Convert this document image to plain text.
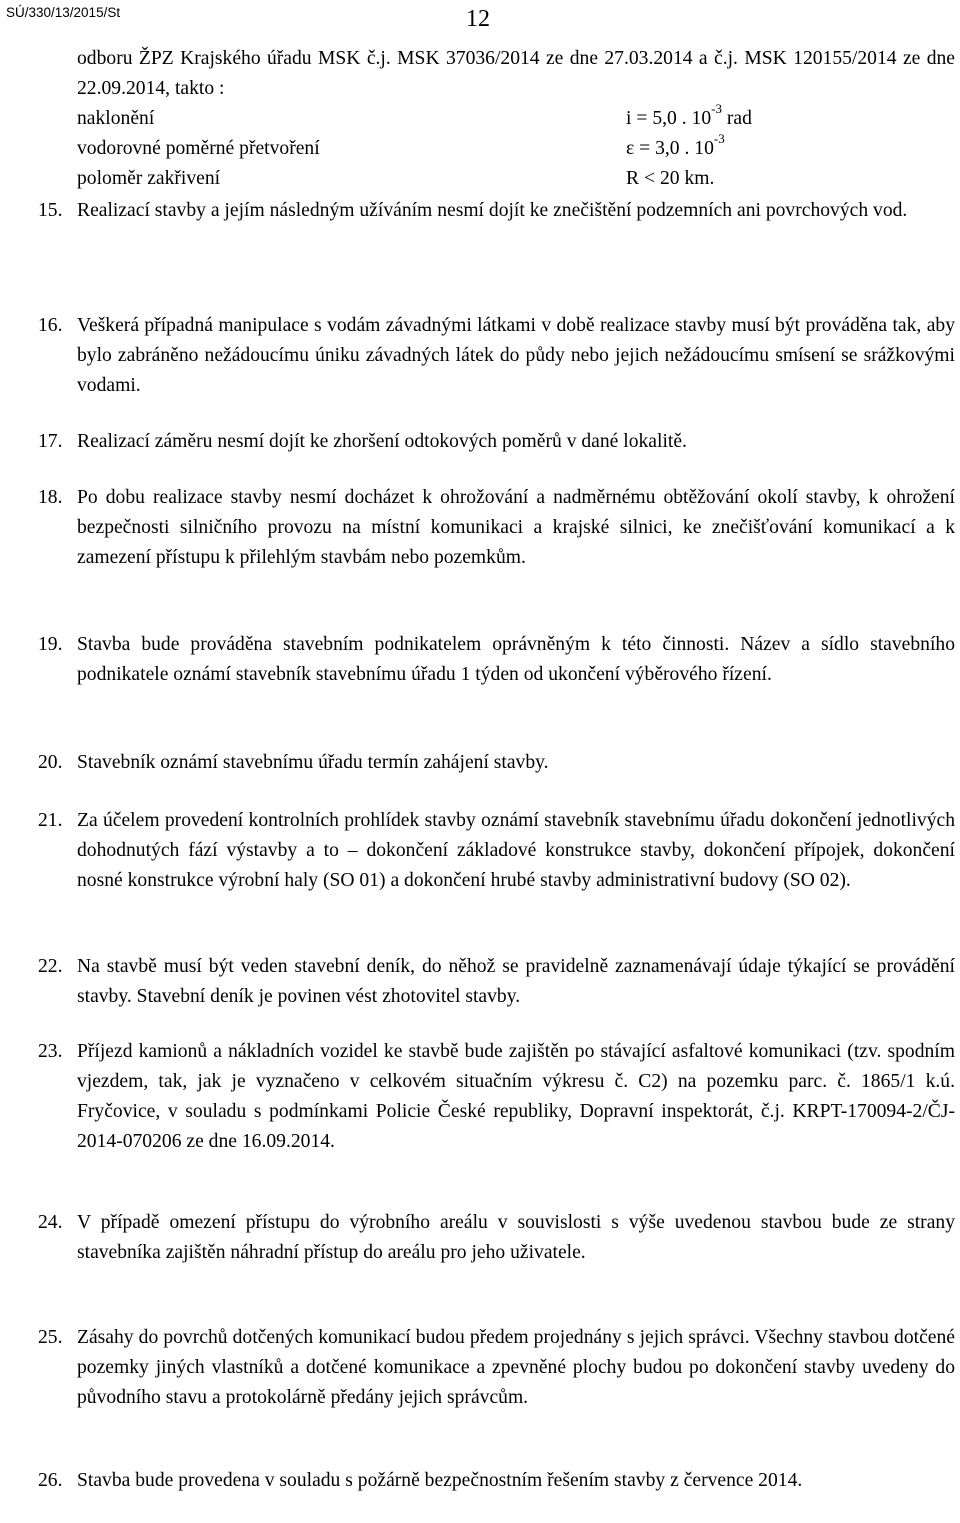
SÚ/330/13/2015/St	12
odboru ŽPZ Krajského úřadu MSK č.j. MSK 37036/2014 ze dne 27.03.2014 a č.j. MSK 120155/2014 ze dne 22.09.2014, takto :
naklonění	i = 5,0 . $10^{-3}$ rad
vodorovné poměrné přetvoření	ε = 3,0 . $10^{-3}$
poloměr zakřivení	R < 20 km.
15. Realizací stavby a jejím následným užíváním nesmí dojít ke znečištění podzemních ani povrchových vod.
16. Veškerá případná manipulace s vodám závadnými látkami v době realizace stavby musí být prováděna tak, aby bylo zabráněno nežádoucímu úniku závadných látek do půdy nebo jejich nežádoucímu smísení se srážkovými vodami.
17. Realizací záměru nesmí dojít ke zhoršení odtokových poměrů v dané lokalitě.
18. Po dobu realizace stavby nesmí docházet k ohrožování a nadměrnému obtěžování okolí stavby, k ohrožení bezpečnosti silničního provozu na místní komunikaci a krajské silnici, ke znečišťování komunikací a k zamezení přístupu k přilehlým stavbám nebo pozemkům.
19. Stavba bude prováděna stavebním podnikatelem oprávněným k této činnosti. Název a sídlo stavebního podnikatele oznámí stavebník stavebnímu úřadu 1 týden od ukončení výběrového řízení.
20. Stavebník oznámí stavebnímu úřadu termín zahájení stavby.
21. Za účelem provedení kontrolních prohlídek stavby oznámí stavebník stavebnímu úřadu dokončení jednotlivých dohodnutých fází výstavby a to – dokončení základové konstrukce stavby, dokončení přípojek, dokončení nosné konstrukce výrobní haly (SO 01) a dokončení hrubé stavby administrativní budovy (SO 02).
22. Na stavbě musí být veden stavební deník, do něhož se pravidelně zaznamenávají údaje týkající se provádění stavby. Stavební deník je povinen vést zhotovitel stavby.
23. Příjezd kamionů a nákladních vozidel ke stavbě bude zajištěn po stávající asfaltové komunikaci (tzv. spodním vjezdem, tak, jak je vyznačeno v celkovém situačním výkresu č. C2) na pozemku parc. č. 1865/1 k.ú. Fryčovice, v souladu s podmínkami Policie České republiky, Dopravní inspektorát, č.j. KRPT-170094-2/ČJ-2014-070206 ze dne 16.09.2014.
24. V případě omezení přístupu do výrobního areálu v souvislosti s výše uvedenou stavbou bude ze strany stavebníka zajištěn náhradní přístup do areálu pro jeho uživatele.
25. Zásahy do povrchů dotčených komunikací budou předem projednány s jejich správci. Všechny stavbou dotčené pozemky jiných vlastníků a dotčené komunikace a zpevněné plochy budou po dokončení stavby uvedeny do původního stavu a protokolárně předány jejich správcům.
26. Stavba bude provedena v souladu s požárně bezpečnostním řešením stavby z července 2014.
